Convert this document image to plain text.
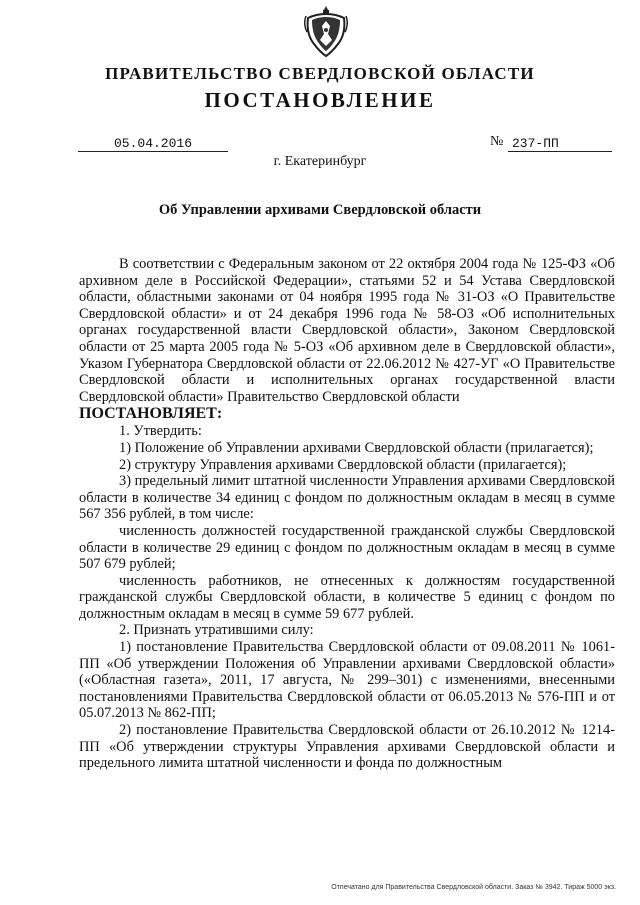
ПРАВИТЕЛЬСТВО СВЕРДЛОВСКОЙ ОБЛАСТИ
ПОСТАНОВЛЕНИЕ
05.04.2016	№ 237-ПП
г. Екатеринбург
Об Управлении архивами Свердловской области

В соответствии с Федеральным законом от 22 октября 2004 года № 125-ФЗ «Об архивном деле в Российской Федерации», статьями 52 и 54 Устава Свердловской области, областными законами от 04 ноября 1995 года № 31-ОЗ «О Правительстве Свердловской области» и от 24 декабря 1996 года № 58-ОЗ «Об исполнительных органах государственной власти Свердловской области», Законом Свердловской области от 25 марта 2005 года № 5-ОЗ «Об архивном деле в Свердловской области», Указом Губернатора Свердловской области от 22.06.2012 № 427-УГ «О Правительстве Свердловской области и исполнительных органах государственной власти Свердловской области» Правительство Свердловской области

ПОСТАНОВЛЯЕТ:

1. Утвердить:

1) Положение об Управлении архивами Свердловской области (прилагается);

2) структуру Управления архивами Свердловской области (прилагается);

3) предельный лимит штатной численности Управления архивами Свердловской области в количестве 34 единиц с фондом по должностным окладам в месяц в сумме 567 356 рублей, в том числе:

численность должностей государственной гражданской службы Свердловской области в количестве 29 единиц с фондом по должностным окладам в месяц в сумме 507 679 рублей;

численность работников, не отнесенных к должностям государственной гражданской службы Свердловской области, в количестве 5 единиц с фондом по должностным окладам в месяц в сумме 59 677 рублей.

2. Признать утратившими силу:

1) постановление Правительства Свердловской области от 09.08.2011 № 1061-ПП «Об утверждении Положения об Управлении архивами Свердловской области» («Областная газета», 2011, 17 августа, № 299–301) с изменениями, внесенными постановлениями Правительства Свердловской области от 06.05.2013 № 576-ПП и от 05.07.2013 № 862-ПП;

2) постановление Правительства Свердловской области от 26.10.2012 № 1214-ПП «Об утверждении структуры Управления архивами Свердловской области и предельного лимита штатной численности и фонда по должностным

Отпечатано для Правительства Свердловской области. Заказ № 3942. Тираж 5000 экз.
